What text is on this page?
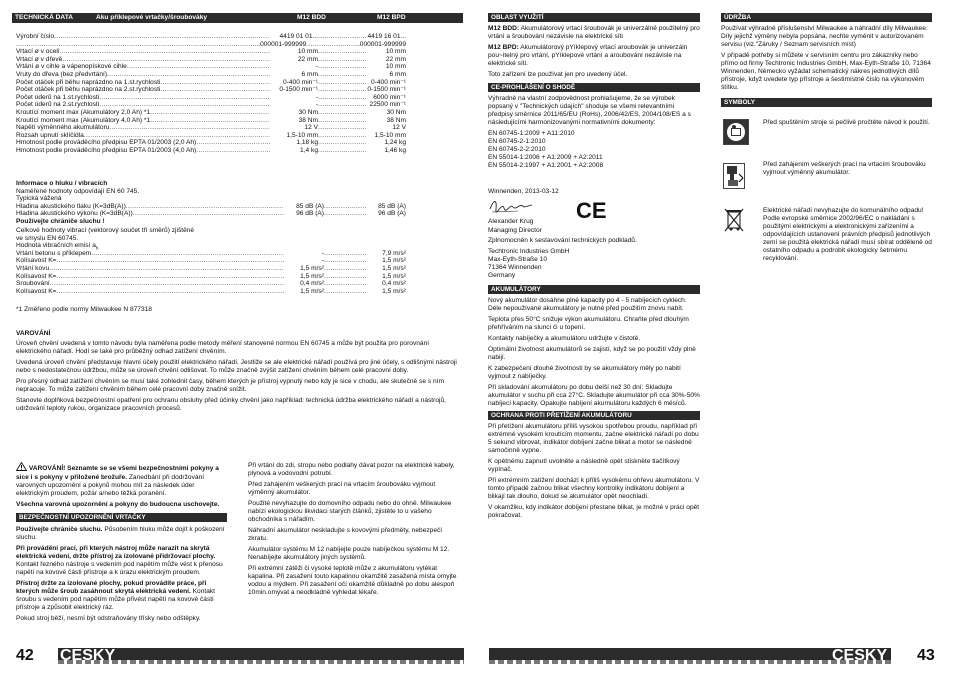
TECHNICKÁ DATA	Aku příklepové vrtačky/šroubováky	M12 BDD	M12 BPD
Výrobní číslo .....	4419 01 01... .....	4419 16 01...
.....
...000001-999999 .....	...000001-999999
Vrtací ø v oceli .....	10 mm .....	10 mm
Vrtací ø v dřevě .....	22 mm .....	22 mm
Vrtání ø v cihle a vápenopískové cihle .....	- .....	10 mm
Vruty do dřeva (bez předvrtání) .....	6 mm .....	6 mm
Počet otáček při běhu naprázdno na 1.st.rychlosti .....	0-400 min⁻¹ .....	0-400 min⁻¹
Počet otáček při běhu naprázdno na 2.st.rychlosti .....	0-1500 min⁻¹ .....	0-1500 min⁻¹
Počet úderů na 1.st.rychlosti .....	- .....	6000 min⁻¹
Počet úderů na 2.st.rychlosti .....	- .....	22500 min⁻¹
Kroutící moment max (Akumulátory 2,0 Ah) *1 .....	30 Nm .....	30 Nm
Kroutící moment max (Akumulátory 4,0 Ah) *1 .....	38 Nm .....	38 Nm
Napětí výměnného akumulátoru .....	12 V .....	12 V
Rozsah upnutí sklíčidla .....	1,5-10 mm .....	1,5-10 mm
Hmotnost podle prováděcího předpisu EPTA 01/2003 (2,0 Ah) .....	1,18 kg .....	1,24 kg
Hmotnost podle prováděcího předpisu EPTA 01/2003 (4,0 Ah) .....	1,4 kg .....	1,46 kg
Informace o hluku / vibracích
Naměřené hodnoty odpovídají EN 60 745.
Typická vážená
Hladina akustického tlaku (K=3dB(A)) .....	85 dB (A) .....	85 dB (A)
Hladina akustického výkonu (K=3dB(A)) .....	96 dB (A) .....	96 dB (A)
Používejte chrániče sluchu !
Celkové hodnoty vibrací (vektorový součet tří směrů) zjištěné
ve smyslu EN 60745.
Hodnota vibračních emisí $a_h$
Vrtání betonu s příklepem .....	- .....	7,9 m/s²
Kolísavost K= .....	- .....	1,5 m/s²
Vrtání kovu .....	1,5 m/s² .....	1,5 m/s²
Kolísavost K= .....	1,5 m/s² .....	1,5 m/s²
Šroubování .....	0,4 m/s² .....	0,4 m/s²
Kolísavost K= .....	1,5 m/s² .....	1,5 m/s²
*1 Změřeno podle normy Milwaukee N 877318
VAROVÁNÍ

Úroveň chvění uvedená v tomto návodu byla naměřena podle metody měření stanovené normou EN 60745 a může být použita pro porovnání elektrického nářadí. Hodí se také pro průběžný odhad zatížení chvěním.

Uvedená úroveň chvění představuje hlavní účely použití elektrického nářadí. Jestliže se ale elektrické nářadí používá pro jiné účely, s odlišnými nástroji nebo s nedostatečnou údržbou, může se úroveň chvění odlišovat. To může značně zvýšit zatížení chvěním během celé pracovní doby.

Pro přesný odhad zatížení chvěním se musí také zohlednit časy, během kterých je přístroj vypnutý nebo kdy je sice v chodu, ale skutečně se s ním nepracuje. To může zatížení chvěním během celé pracovní doby značně snížit.

Stanovte doplňková bezpečnostní opatření pro ochranu obsluhy před účinky chvění jako například: technická údržba elektrického nářadí a nástrojů, udržování teploty rukou, organizace pracovních procesů.

VAROVÁNÍ! Seznamte se se všemi bezpečnostními pokyny a sice i s pokyny v přiložené brožuře. Zanedbání při dodržování varovných upozornění a pokynů mohou mít za následek úder elektrickým proudem, požár a/nebo těžká poranění.

Všechna varovná upozornění a pokyny do budoucna uschovejte.

BEZPEČNOSTNÍ UPOZORNĚNÍ VRTAČKY

Používejte chrániče sluchu. Působením hluku může dojít k poškození sluchu.

Při provádění prací, při kterých nástroj může narazit na skrytá elektrická vedení, držte přístroj za izolované přidržovací plochy. Kontakt řezného nástroje s vedením pod napětím může vést k přenosu napětí na kovové části přístroje a k úrazu elektrickým proudem.

Přístroj držte za izolované plochy, pokud provádíte práce, při kterých může šroub zasáhnout skrytá elektrická vedení. Kontakt šroubu s vedením pod napětím může přivést napětí na kovové části přístroje a způsobit elektrický ráz.

Pokud stroj běží, nesmí být odstraňovány třísky nebo odštěpky.

Při vrtání do zdi, stropu nebo podlahy dávat pozor na elektrické kabely, plynová a vodovodní potrubí.

Před zahájením veškerých prací na vrtacím šroubováku vyjmout výměnný akumulátor.

Použité nevyhazujte do domovního odpadu nebo do ohně. Milwaukee nabízí ekologickou likvidaci starých článků, zjistěte to u vašeho obchodníka s nářadím.

Náhradní akumulátor neskladujte s kovovými předměty, nebezpečí zkratu.

Akumulátor systému M 12 nabíjejte pouze nabíječkou systému M 12. Nenabíjejte akumulátory jiných systémů.

Při extrémní zátěži či vysoké teplotě může z akumulátoru vytékat kapalina. Při zasažení touto kapalinou okamžitě zasažená místa omyjte vodou a mýdlem. Při zasažení očí okamžitě důkladně po dobu alespoň 10min.omývat a neodkladně vyhledat lékaře.

42 ČESKY
OBLAST VYUŽITÍ

M12 BDD: Akumulátorový vrtací šroubovák je univerzálně použitelný pro vrtání a šroubování nezávisle na elektrické síti

M12 BPD: Akumulátorový pYíklepový vrtací aroubovák je univerzáln pou~itelný pro vrtání, pYíklepové vrtání a aroubování nezávisle na elektrické síti.

Toto zařízení lze používat jen pro uvedený účel.

CE-PROHLÁŠENÍ O SHODĚ

Výhradně na vlastní zodpovědnost prohlašujeme, že se výrobek popsaný v "Technických údajích" shoduje se všemi relevantními předpisy směrnice 2011/65/EU (RoHs), 2006/42/ES, 2004/108/ES a s následujícími harmonizovanými normativními dokumenty:

EN 60745-1:2009 + A11:2010
EN 60745-2-1:2010
EN 60745-2-2:2010
EN 55014-1:2006 + A1:2009 + A2:2011
EN 55014-2:1997 + A1:2001 + A2:2008
Winnenden, 2013-03-12
Alexander Krug
Managing Director
CE

Zplnomocněn k sestavování technických podkladů.

Techtronic Industries GmbH
Max-Eyth-Straße 10
71364 Winnenden
Germany
AKUMULÁTORY

Nový akumulátor dosáhne plné kapacity po 4 - 5 nabíjecích cyklech. Déle nepoužívané akumulátory je nutné před použitím znovu nabít.

Teplota přes 50°C snižuje výkon akumulátoru. Chraňte před dlouhým přehříváním na slunci či u topení.

Kontakty nabíječky a akumulátoru udržujte v čistotě.

Optimální životnost akumulátorů se zajistí, když se po použití vždy plně nabijí.

K zabezpečení dlouhé životnosti by se akumulátory měly po nabití vyjmout z nabíječky.

Při skladování akumulátoru po dobu delší než 30 dní: Skladujte akumulátor v suchu při cca 27°C. Skladujte akumulátor při cca 30%-50% nabíjecí kapacity. Opakujte nabíjení akumulátoru každých 6 měsíců.

OCHRANA PROTI PŘETÍŽENÍ AKUMULÁTORU

Při přetížení akumulátoru příliš vysokou spotřebou proudu, například při extrémně vysokém kroutícím momentu, začne elektrické nářadí po dobu 5 sekund vibrovat, indikátor dobíjení začne blikat a motor se následně samočinně vypne.

K opětnému zapnutí uvolněte a následně opět stiskněte tlačítkový vypínač.

Při extrémním zatížení dochází k příliš vysokému ohřevu akumulátoru. V tomto případě začnou blikat všechny kontrolky indikátoru dobíjení a blikají tak dlouho, dokud se akumulátor opět neochladí.

V okamžiku, kdy indikátor dobíjení přestane blikat, je možné v práci opět pokračovat.

ÚDRŽBA

Používat výhradně příslušenství Milwaukee a náhradní díly Milwaukee. Díly jejichž výměny nebyla popsána, nechte vyměnit v autorizovaném servisu (viz."Záruky / Seznam servisních míst)

V případě potřeby si můžete v servisním centru pro zákazníky nebo přímo od firmy Techtronic Industries GmbH, Max-Eyth-Straße 10, 71364 Winnenden, Německo vyžádat schematický nákres jednotlivých dílů přístroje, když uvedete typ přístroje a šestimístné číslo na výkonovém štítku.

SYMBOLY
Před spuštěním stroje si pečlivě pročtěte návod k použití.
Před zahájením veškerých prací na vrtacím šroubováku vyjmout výměnný akumulátor.
Elektrické nářadí nevyhazujte do komunálního odpadu! Podle evropské směrnice 2002/96/EC o nakládání s použitými elektrickými a elektronickými zařízeními a odpovídajících ustanovení právních předpisů jednotlivých zemí se použitá elektrická nářadí musí sbírat odděleně od ostatního odpadu a podrobit ekologicky šetrnému recyklování.
ČESKY 43
